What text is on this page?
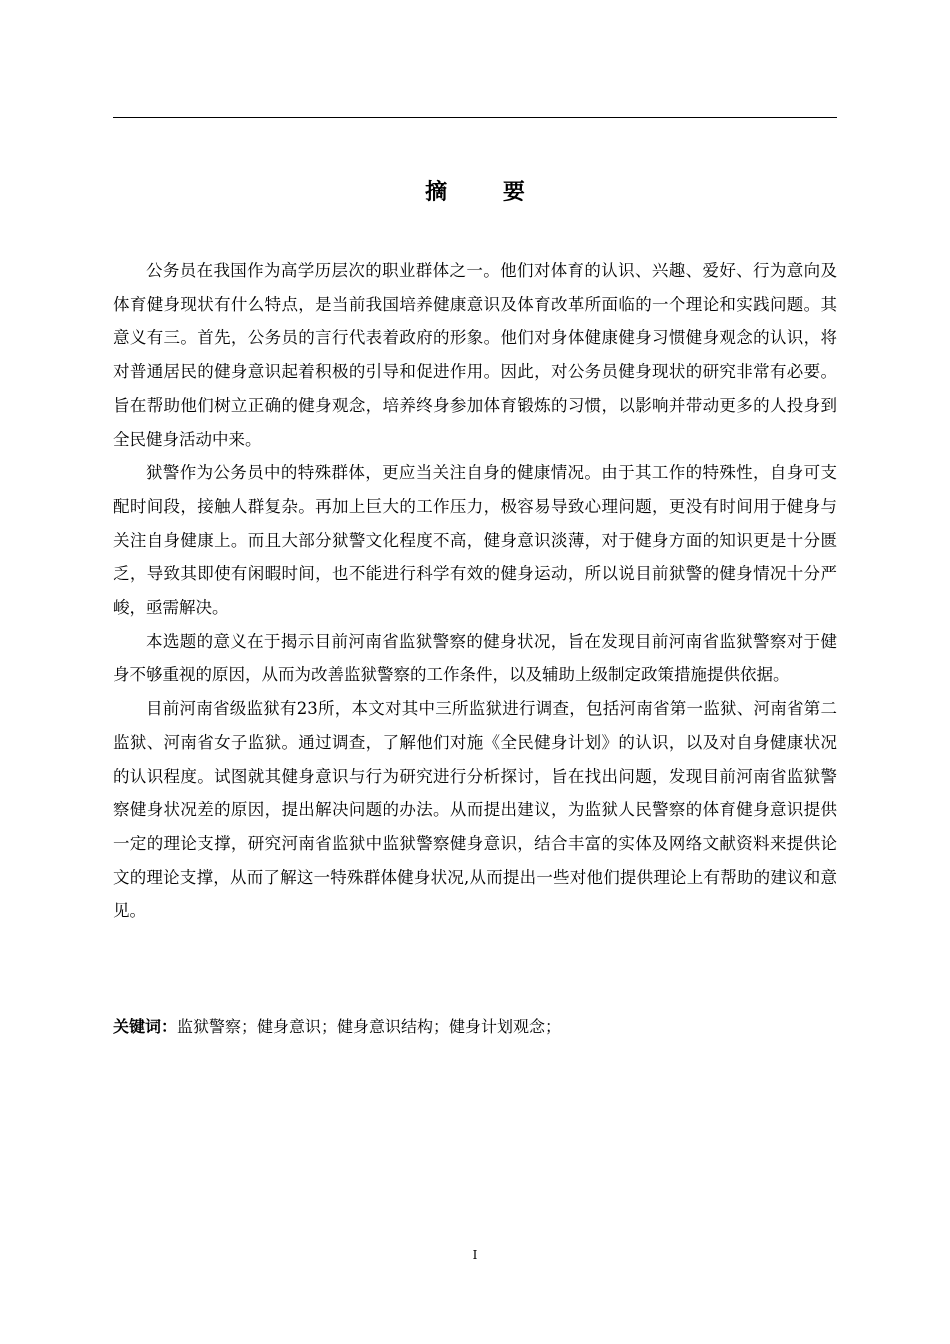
摘 要

公务员在我国作为高学历层次的职业群体之一。他们对体育的认识、兴趣、爱好、行为意向及体育健身现状有什么特点，是当前我国培养健康意识及体育改革所面临的一个理论和实践问题。其意义有三。首先，公务员的言行代表着政府的形象。他们对身体健康健身习惯健身观念的认识，将对普通居民的健身意识起着积极的引导和促进作用。因此，对公务员健身现状的研究非常有必要。旨在帮助他们树立正确的健身观念，培养终身参加体育锻炼的习惯，以影响并带动更多的人投身到全民健身活动中来。

狱警作为公务员中的特殊群体，更应当关注自身的健康情况。由于其工作的特殊性，自身可支配时间段，接触人群复杂。再加上巨大的工作压力，极容易导致心理问题，更没有时间用于健身与关注自身健康上。而且大部分狱警文化程度不高，健身意识淡薄，对于健身方面的知识更是十分匮乏，导致其即使有闲暇时间，也不能进行科学有效的健身运动，所以说目前狱警的健身情况十分严峻，亟需解决。

本选题的意义在于揭示目前河南省监狱警察的健身状况，旨在发现目前河南省监狱警察对于健身不够重视的原因，从而为改善监狱警察的工作条件，以及辅助上级制定政策措施提供依据。

目前河南省级监狱有23所，本文对其中三所监狱进行调查，包括河南省第一监狱、河南省第二监狱、河南省女子监狱。通过调查，了解他们对施《全民健身计划》的认识，以及对自身健康状况的认识程度。试图就其健身意识与行为研究进行分析探讨，旨在找出问题，发现目前河南省监狱警察健身状况差的原因，提出解决问题的办法。从而提出建议，为监狱人民警察的体育健身意识提供一定的理论支撑，研究河南省监狱中监狱警察健身意识，结合丰富的实体及网络文献资料来提供论文的理论支撑，从而了解这一特殊群体健身状况,从而提出一些对他们提供理论上有帮助的建议和意见。

关键词：监狱警察；健身意识；健身意识结构；健身计划观念；
I
